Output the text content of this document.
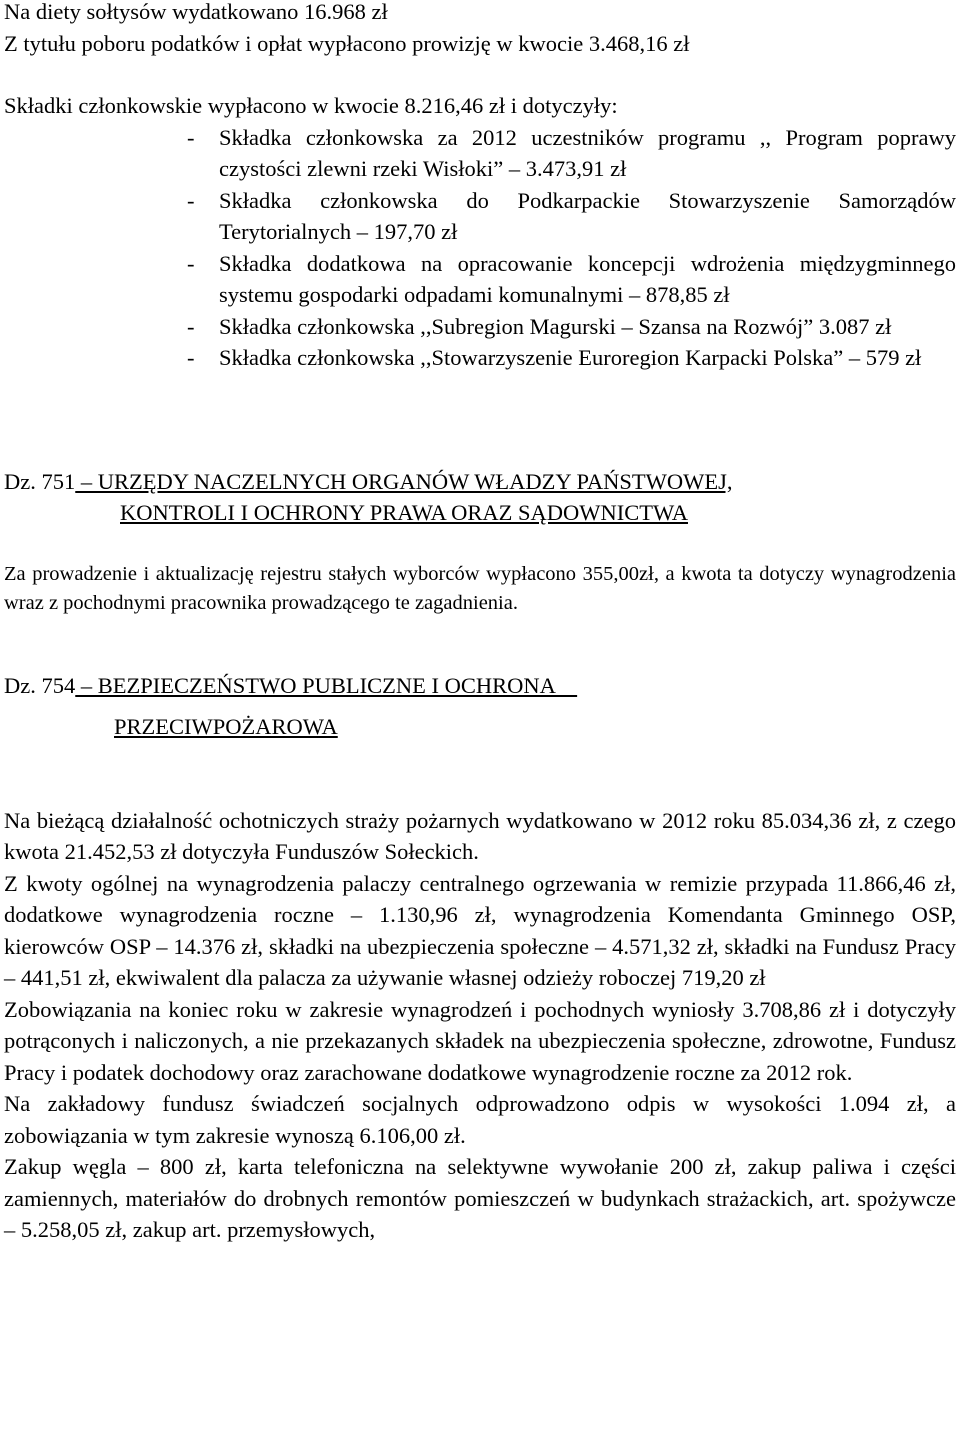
Na diety sołtysów wydatkowano 16.968 zł

Z tytułu poboru podatków i opłat wypłacono prowizję w kwocie 3.468,16 zł

Składki członkowskie wypłacono w kwocie 8.216,46 zł i dotyczyły:

- Składka członkowska za 2012 uczestników programu ,, Program poprawy czystości zlewni rzeki Wisłoki” – 3.473,91 zł
- Składka członkowska do Podkarpackie Stowarzyszenie Samorządów Terytorialnych – 197,70 zł
- Składka dodatkowa na opracowanie koncepcji wdrożenia międzygminnego systemu gospodarki odpadami komunalnymi – 878,85 zł
- Składka członkowska ,,Subregion Magurski – Szansa na Rozwój” 3.087 zł
- Składka członkowska ,,Stowarzyszenie Euroregion Karpacki Polska” – 579 zł

Dz. 751 – URZĘDY NACZELNYCH ORGANÓW WŁADZY PAŃSTWOWEJ,

KONTROLI I OCHRONY PRAWA ORAZ SĄDOWNICTWA

Za prowadzenie i aktualizację rejestru stałych wyborców wypłacono 355,00zł, a kwota ta dotyczy wynagrodzenia wraz z pochodnymi pracownika prowadzącego te zagadnienia.

Dz. 754 – BEZPIECZEŃSTWO PUBLICZNE I OCHRONA

PRZECIWPOŻAROWA

Na bieżącą działalność ochotniczych straży pożarnych wydatkowano w 2012 roku 85.034,36 zł, z czego kwota 21.452,53 zł dotyczyła Funduszów Sołeckich.

Z kwoty ogólnej na wynagrodzenia palaczy centralnego ogrzewania w remizie przypada 11.866,46 zł, dodatkowe wynagrodzenia roczne – 1.130,96 zł, wynagrodzenia Komendanta Gminnego OSP, kierowców OSP – 14.376 zł, składki na ubezpieczenia społeczne – 4.571,32 zł, składki na Fundusz Pracy – 441,51 zł, ekwiwalent dla palacza za używanie własnej odzieży roboczej 719,20 zł

Zobowiązania na koniec roku w zakresie wynagrodzeń i pochodnych wyniosły 3.708,86 zł i dotyczyły potrąconych i naliczonych, a nie przekazanych składek na ubezpieczenia społeczne, zdrowotne, Fundusz Pracy i podatek dochodowy oraz zarachowane dodatkowe wynagrodzenie roczne za 2012 rok.

Na zakładowy fundusz świadczeń socjalnych odprowadzono odpis w wysokości 1.094 zł, a zobowiązania w tym zakresie wynoszą 6.106,00 zł.

Zakup węgla – 800 zł, karta telefoniczna na selektywne wywołanie 200 zł, zakup paliwa i części zamiennych, materiałów do drobnych remontów pomieszczeń w budynkach strażackich, art. spożywcze – 5.258,05 zł, zakup art. przemysłowych,
